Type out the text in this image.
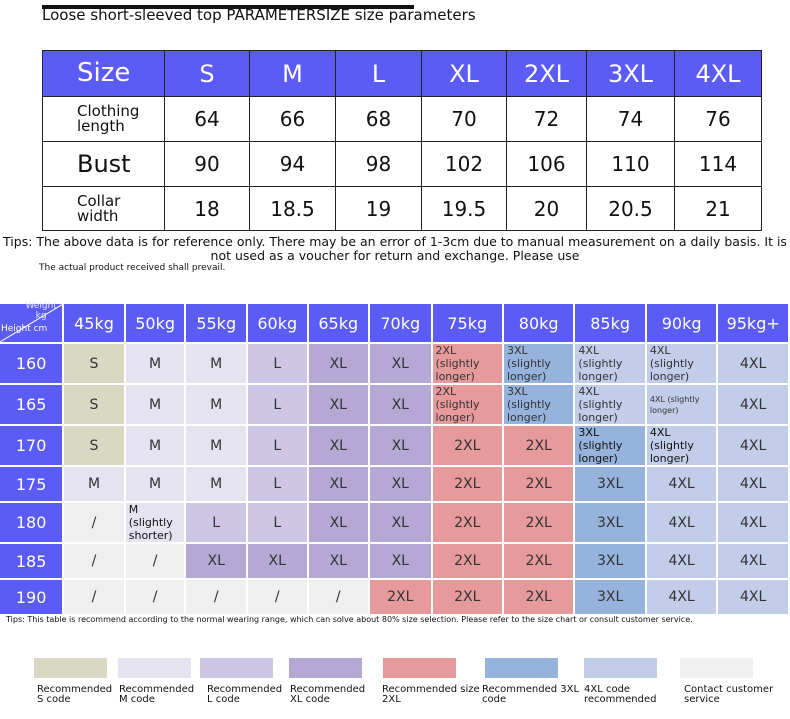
Loose short-sleeved top PARAMETERSIZE size parameters
Size	S	M	L	XL	2XL	3XL	4XL
Clothing length	64	66	68	70	72	74	76
Bust	90	94	98	102	106	110	114
Collar width	18	18.5	19	19.5	20	20.5	21
Tips: The above data is for reference only. There may be an error of 1-3cm due to manual measurement on a daily basis. It is not used as a voucher for return and exchange. Please use
The actual product received shall prevail.
Weight kg
Height cm	45kg	50kg	55kg	60kg	65kg	70kg	75kg	80kg	85kg	90kg	95kg+
160	S	M	M	L	XL	XL	2XL (slightly longer)	3XL (slightly longer)	4XL (slightly longer)	4XL (slightly longer)	4XL
165	S	M	M	L	XL	XL	2XL (slightly longer)	3XL (slightly longer)	4XL (slightly longer)	4XL (slightly longer)	4XL
170	S	M	M	L	XL	XL	2XL	2XL	3XL (slightly longer)	4XL (slightly longer)	4XL
175	M	M	M	L	XL	XL	2XL	2XL	3XL	4XL	4XL
180	/	M (slightly shorter)	L	L	XL	XL	2XL	2XL	3XL	4XL	4XL
185	/	/	XL	XL	XL	XL	2XL	2XL	3XL	4XL	4XL
190	/	/	/	/	/	2XL	2XL	2XL	3XL	4XL	4XL
Tips: This table is recommend according to the normal wearing range, which can solve about 80% size selection. Please refer to the size chart or consult customer service.
Recommended S code
Recommended M code
Recommended L code
Recommended XL code
Recommended size 2XL
Recommended 3XL code
4XL code recommended
Contact customer service
